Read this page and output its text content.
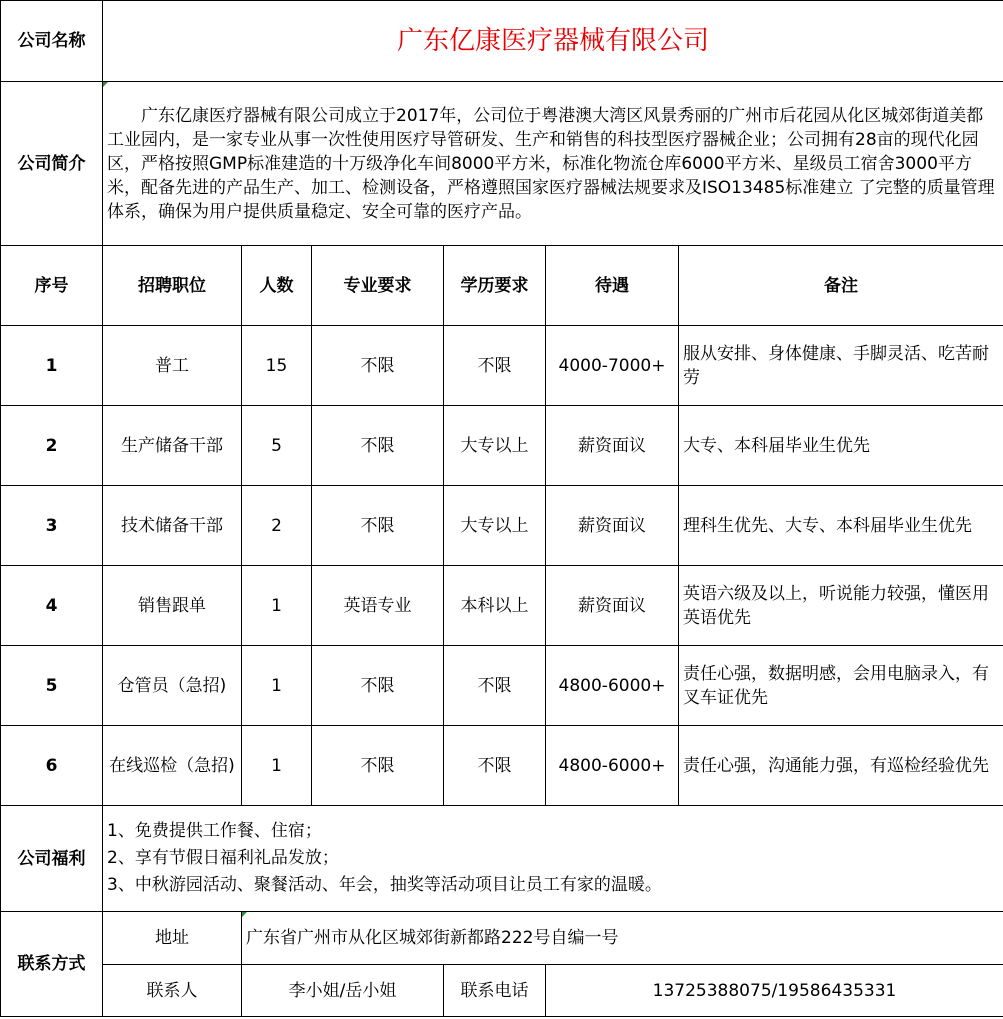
公司名称	广东亿康医疗器械有限公司					
公司简介	广东亿康医疗器械有限公司成立于2017年，公司位于粤港澳大湾区风景秀丽的广州市后花园从化区城郊街道美都工业园内，是一家专业从事一次性使用医疗导管研发、生产和销售的科技型医疗器械企业；公司拥有28亩的现代化园区，严格按照GMP标准建造的十万级净化车间8000平方米，标准化物流仓库6000平方米、星级员工宿舍3000平方米，配备先进的产品生产、加工、检测设备，严格遵照国家医疗器械法规要求及ISO13485标准建立 了完整的质量管理体系，确保为用户提供质量稳定、安全可靠的医疗产品。					
序号	招聘职位	人数	专业要求	学历要求	待遇	备注
1	普工	15	不限	不限	4000-7000+	服从安排、身体健康、手脚灵活、吃苦耐劳
2	生产储备干部	5	不限	大专以上	薪资面议	大专、本科届毕业生优先
3	技术储备干部	2	不限	大专以上	薪资面议	理科生优先、大专、本科届毕业生优先
4	销售跟单	1	英语专业	本科以上	薪资面议	英语六级及以上，听说能力较强，懂医用英语优先
5	仓管员（急招)	1	不限	不限	4800-6000+	责任心强，数据明感，会用电脑录入，有叉车证优先
6	在线巡检（急招)	1	不限	不限	4800-6000+	责任心强，沟通能力强，有巡检经验优先
公司福利	1、免费提供工作餐、住宿；
2、享有节假日福利礼品发放；
3、中秋游园活动、聚餐活动、年会，抽奖等活动项目让员工有家的温暖。					

联系方式	地址	广东省广州市从化区城郊街新都路222号自编一号				
	联系人	李小姐/岳小姐		联系电话	13725388075/19586435331	
